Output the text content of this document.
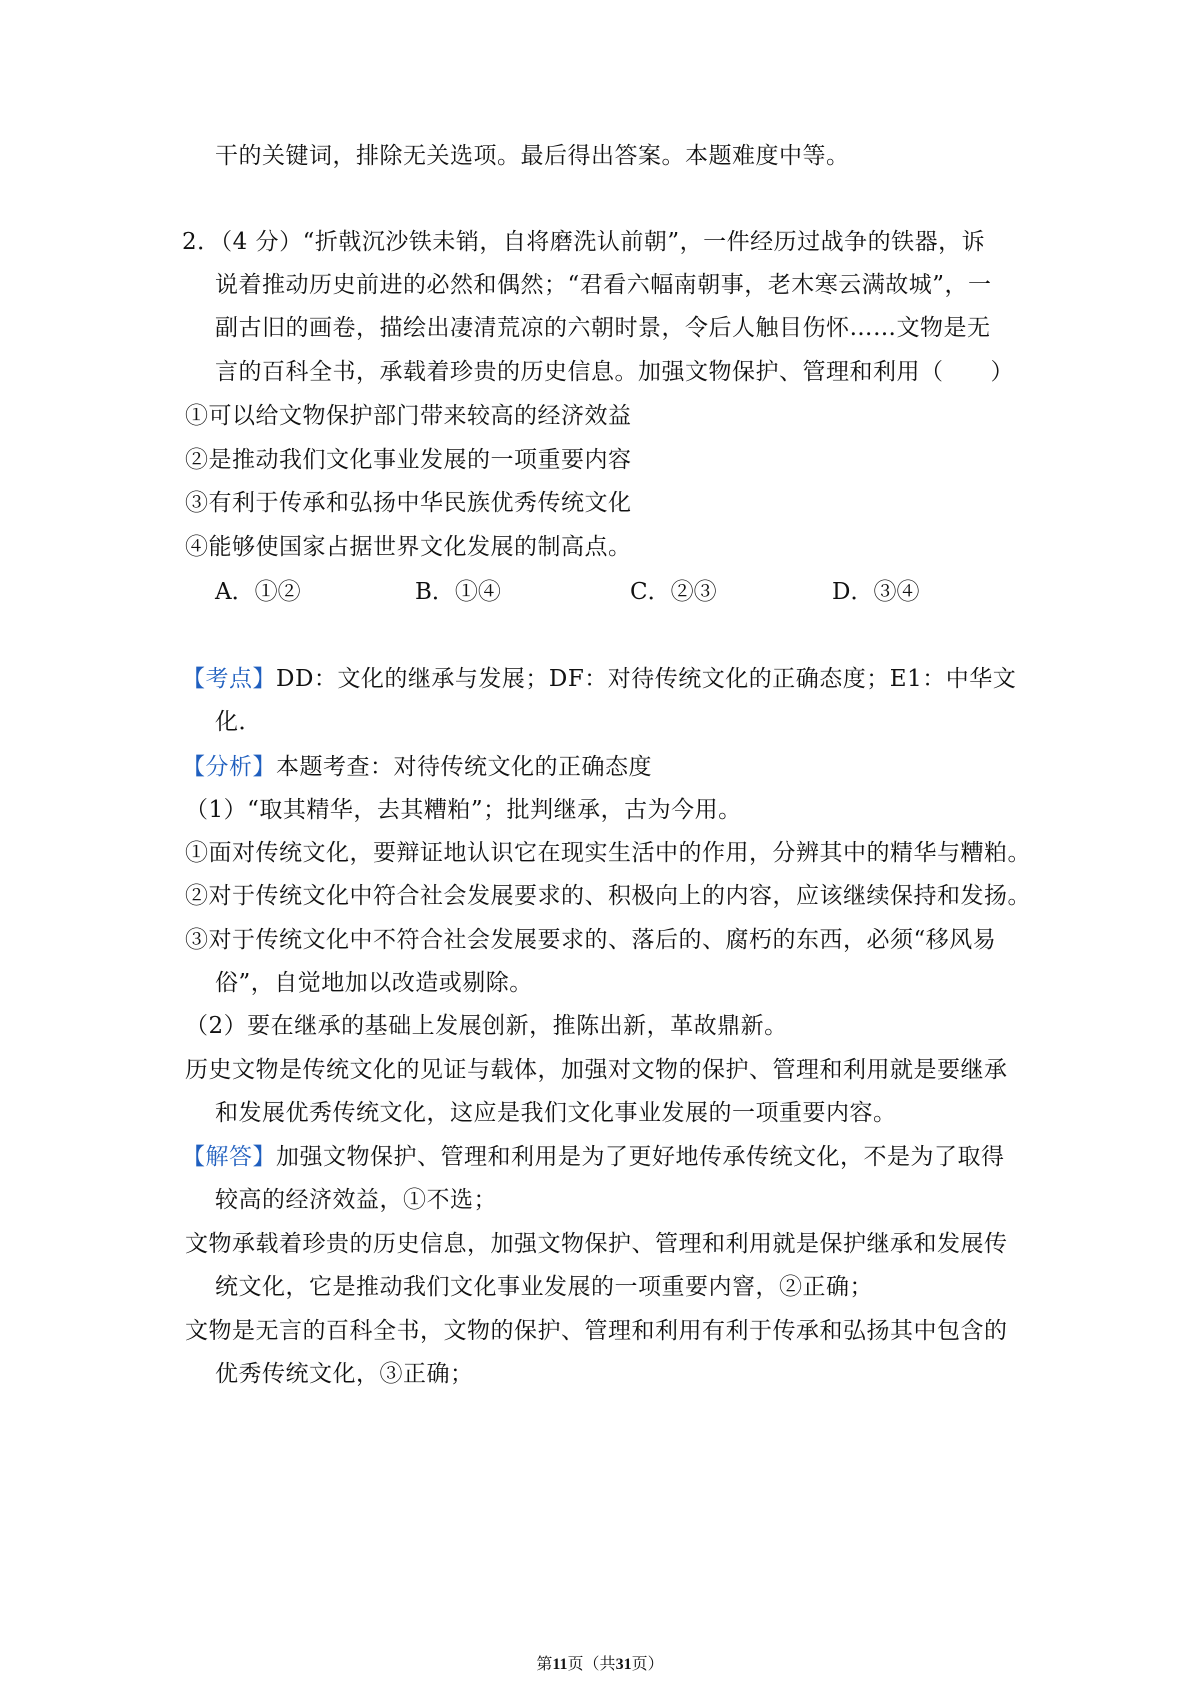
干的关键词，排除无关选项。最后得出答案。本题难度中等。
2．（4 分）“折戟沉沙铁未销，自将磨洗认前朝”，一件经历过战争的铁器，诉
说着推动历史前进的必然和偶然；“君看六幅南朝事，老木寒云满故城”，一
副古旧的画卷，描绘出凄清荒凉的六朝时景，令后人触目伤怀……文物是无
言的百科全书，承载着珍贵的历史信息。加强文物保护、管理和利用（　　）
①可以给文物保护部门带来较高的经济效益
②是推动我们文化事业发展的一项重要内容
③有利于传承和弘扬中华民族优秀传统文化
④能够使国家占据世界文化发展的制高点。
A．①②	B．①④	C．②③	D．③④
【考点】DD：文化的继承与发展；DF：对待传统文化的正确态度；E1：中华文
化．
【分析】本题考查：对待传统文化的正确态度
（1）“取其精华，去其糟粕”；批判继承，古为今用。
①面对传统文化，要辩证地认识它在现实生活中的作用，分辨其中的精华与糟粕。
②对于传统文化中符合社会发展要求的、积极向上的内容，应该继续保持和发扬。
③对于传统文化中不符合社会发展要求的、落后的、腐朽的东西，必须“移风易
俗”，自觉地加以改造或剔除。
（2）要在继承的基础上发展创新，推陈出新，革故鼎新。
历史文物是传统文化的见证与载体，加强对文物的保护、管理和利用就是要继承
和发展优秀传统文化，这应是我们文化事业发展的一项重要内容。
【解答】加强文物保护、管理和利用是为了更好地传承传统文化，不是为了取得
较高的经济效益，①不选；
文物承载着珍贵的历史信息，加强文物保护、管理和利用就是保护继承和发展传
统文化，它是推动我们文化事业发展的一项重要内窨，②正确；
文物是无言的百科全书，文物的保护、管理和利用有利于传承和弘扬其中包含的
优秀传统文化，③正确；
第11页（共31页）
